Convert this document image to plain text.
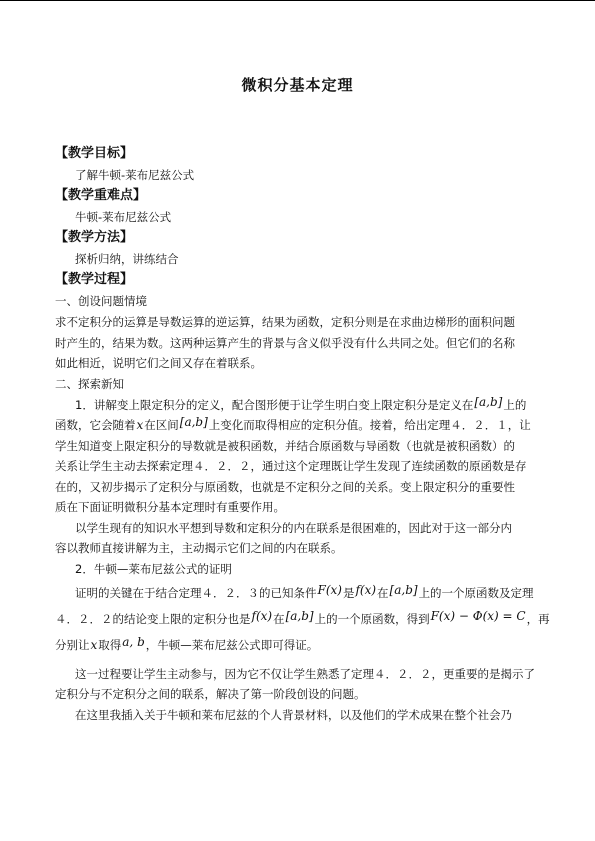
微积分基本定理
【教学目标】
了解牛顿-莱布尼兹公式
【教学重难点】
牛顿-莱布尼兹公式
【教学方法】
探析归纳，讲练结合
【教学过程】
一、创设问题情境
求不定积分的运算是导数运算的逆运算，结果为函数，定积分则是在求曲边梯形的面积问题
时产生的，结果为数。这两种运算产生的背景与含义似乎没有什么共同之处。但它们的名称
如此相近，说明它们之间又存在着联系。
二、探索新知
1．讲解变上限定积分的定义，配合图形便于让学生明白变上限定积分是定义在[a,b]上的
函数，它会随着x在区间[a,b]上变化而取得相应的定积分值。接着，给出定理４．２．１，让
学生知道变上限定积分的导数就是被积函数，并结合原函数与导函数（也就是被积函数）的
关系让学生主动去探索定理４．２．２，通过这个定理既让学生发现了连续函数的原函数是存
在的，又初步揭示了定积分与原函数，也就是不定积分之间的关系。变上限定积分的重要性
质在下面证明微积分基本定理时有重要作用。
以学生现有的知识水平想到导数和定积分的内在联系是很困难的，因此对于这一部分内
容以教师直接讲解为主，主动揭示它们之间的内在联系。
2．牛顿—莱布尼兹公式的证明
证明的关键在于结合定理４．２．３的已知条件F(x)是f(x)在[a,b]上的一个原函数及定理
４．２．２的结论变上限的定积分也是f(x)在[a,b]上的一个原函数，得到F(x) − Φ(x) = C，再
分别让x取得a, b，牛顿—莱布尼兹公式即可得证。
这一过程要让学生主动参与，因为它不仅让学生熟悉了定理４．２．２，更重要的是揭示了
定积分与不定积分之间的联系，解决了第一阶段创设的问题。
在这里我插入关于牛顿和莱布尼兹的个人背景材料，以及他们的学术成果在整个社会乃
